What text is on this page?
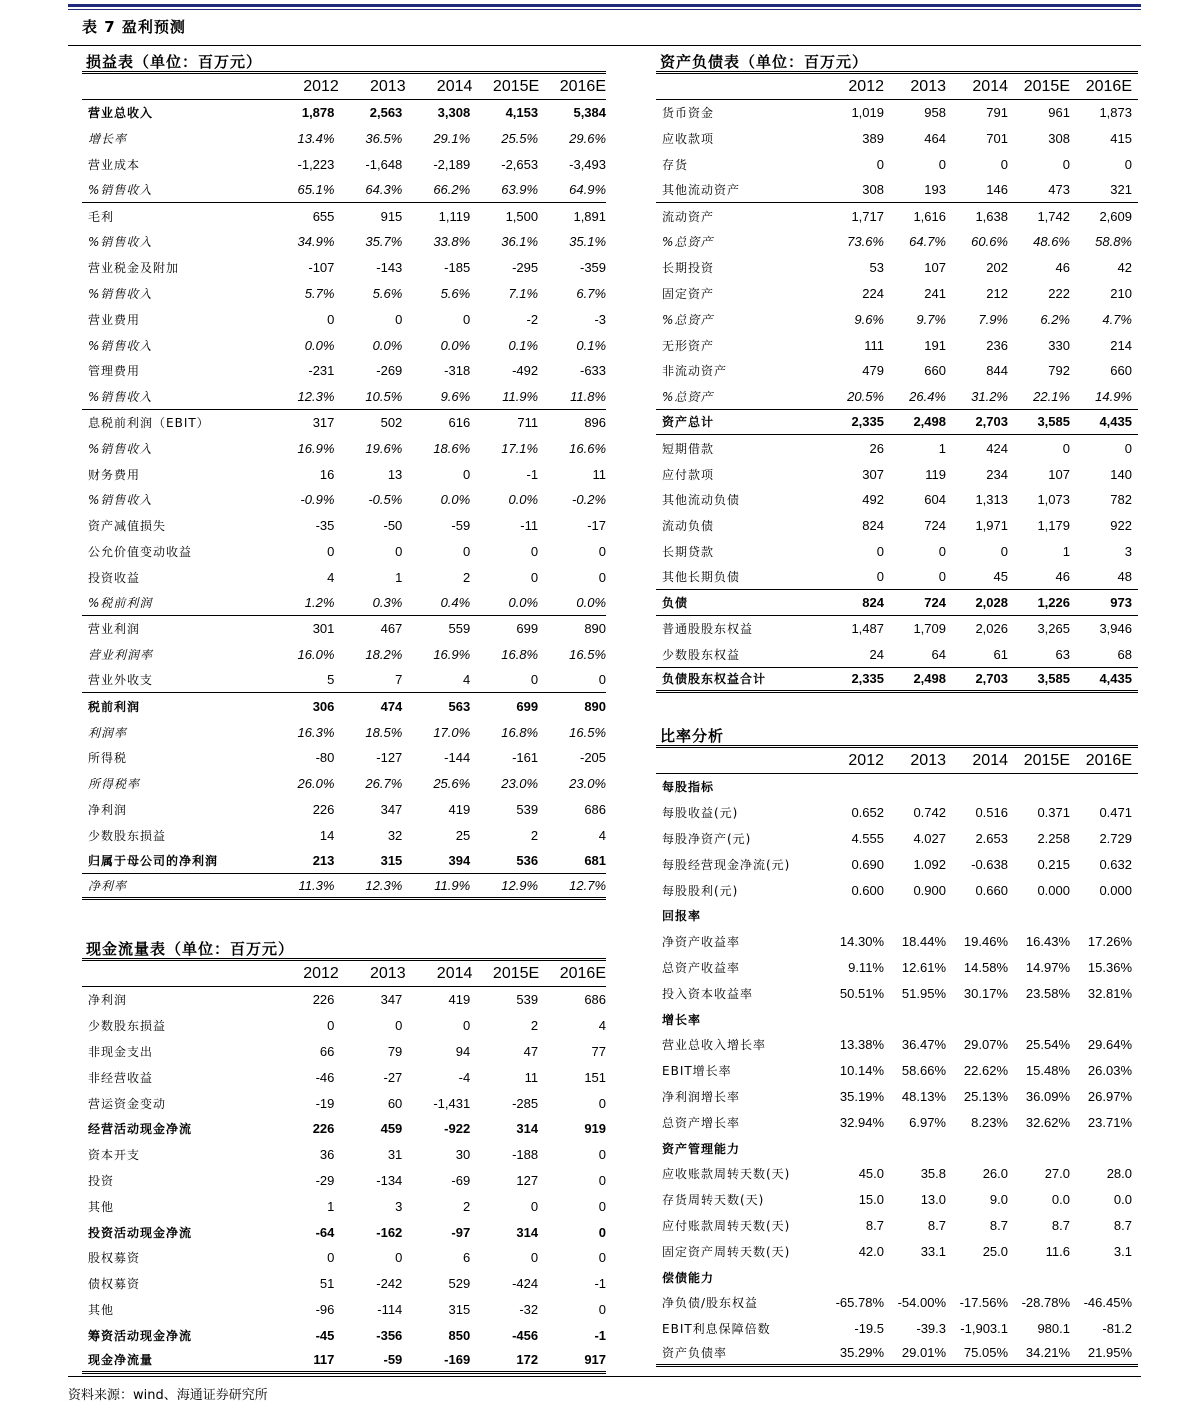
表 7 盈利预测
损益表（单位：百万元）
2012	2013	2014	2015E	2016E
营业总收入	1,878	2,563	3,308	4,153	5,384
增长率	13.4%	36.5%	29.1%	25.5%	29.6%
营业成本	-1,223	-1,648	-2,189	-2,653	-3,493
%销售收入	65.1%	64.3%	66.2%	63.9%	64.9%
毛利	655	915	1,119	1,500	1,891
%销售收入	34.9%	35.7%	33.8%	36.1%	35.1%
营业税金及附加	-107	-143	-185	-295	-359
%销售收入	5.7%	5.6%	5.6%	7.1%	6.7%
营业费用	0	0	0	-2	-3
%销售收入	0.0%	0.0%	0.0%	0.1%	0.1%
管理费用	-231	-269	-318	-492	-633
%销售收入	12.3%	10.5%	9.6%	11.9%	11.8%
息税前利润（EBIT）	317	502	616	711	896
%销售收入	16.9%	19.6%	18.6%	17.1%	16.6%
财务费用	16	13	0	-1	11
%销售收入	-0.9%	-0.5%	0.0%	0.0%	-0.2%
资产减值损失	-35	-50	-59	-11	-17
公允价值变动收益	0	0	0	0	0
投资收益	4	1	2	0	0
%税前利润	1.2%	0.3%	0.4%	0.0%	0.0%
营业利润	301	467	559	699	890
营业利润率	16.0%	18.2%	16.9%	16.8%	16.5%
营业外收支	5	7	4	0	0
税前利润	306	474	563	699	890
利润率	16.3%	18.5%	17.0%	16.8%	16.5%
所得税	-80	-127	-144	-161	-205
所得税率	26.0%	26.7%	25.6%	23.0%	23.0%
净利润	226	347	419	539	686
少数股东损益	14	32	25	2	4
归属于母公司的净利润	213	315	394	536	681
净利率	11.3%	12.3%	11.9%	12.9%	12.7%
现金流量表（单位：百万元）
2012	2013	2014	2015E	2016E
净利润	226	347	419	539	686
少数股东损益	0	0	0	2	4
非现金支出	66	79	94	47	77
非经营收益	-46	-27	-4	11	151
营运资金变动	-19	60	-1,431	-285	0
经营活动现金净流	226	459	-922	314	919
资本开支	36	31	30	-188	0
投资	-29	-134	-69	127	0
其他	1	3	2	0	0
投资活动现金净流	-64	-162	-97	314	0
股权募资	0	0	6	0	0
债权募资	51	-242	529	-424	-1
其他	-96	-114	315	-32	0
筹资活动现金净流	-45	-356	850	-456	-1
现金净流量	117	-59	-169	172	917
资产负债表（单位：百万元）
2012	2013	2014 2015E 2016E
货币资金	1,019	958	791	961	1,873
应收款项	389	464	701	308	415
存货	0	0	0	0	0
其他流动资产	308	193	146	473	321
流动资产	1,717	1,616	1,638	1,742	2,609
%总资产	73.6%	64.7%	60.6%	48.6%	58.8%
长期投资	53	107	202	46	42
固定资产	224	241	212	222	210
%总资产	9.6%	9.7%	7.9%	6.2%	4.7%
无形资产	111	191	236	330	214
非流动资产	479	660	844	792	660
%总资产	20.5%	26.4%	31.2%	22.1%	14.9%
资产总计	2,335	2,498	2,703	3,585	4,435
短期借款	26	1	424	0	0
应付款项	307	119	234	107	140
其他流动负债	492	604	1,313	1,073	782
流动负债	824	724	1,971	1,179	922
长期贷款	0	0	0	1	3
其他长期负债	0	0	45	46	48
负债	824	724	2,028	1,226	973
普通股股东权益	1,487	1,709	2,026	3,265	3,946
少数股东权益	24	64	61	63	68
负债股东权益合计	2,335	2,498	2,703	3,585	4,435
比率分析
2012	2013	2014 2015E 2016E
每股指标
每股收益(元)	0.652	0.742	0.516	0.371	0.471
每股净资产(元)	4.555	4.027	2.653	2.258	2.729
每股经营现金净流(元)	0.690	1.092	-0.638	0.215	0.632
每股股利(元)	0.600	0.900	0.660	0.000	0.000
回报率
净资产收益率	14.30%	18.44%	19.46%	16.43%	17.26%
总资产收益率	9.11%	12.61%	14.58%	14.97%	15.36%
投入资本收益率	50.51%	51.95%	30.17%	23.58%	32.81%
增长率
营业总收入增长率	13.38%	36.47%	29.07%	25.54%	29.64%
EBIT增长率	10.14%	58.66%	22.62%	15.48%	26.03%
净利润增长率	35.19%	48.13%	25.13%	36.09%	26.97%
总资产增长率	32.94%	6.97%	8.23%	32.62%	23.71%
资产管理能力
应收账款周转天数(天)	45.0	35.8	26.0	27.0	28.0
存货周转天数(天)	15.0	13.0	9.0	0.0	0.0
应付账款周转天数(天)	8.7	8.7	8.7	8.7	8.7
固定资产周转天数(天)	42.0	33.1	25.0	11.6	3.1
偿债能力
净负债/股东权益	-65.78%	-54.00%	-17.56%	-28.78%	-46.45%
EBIT利息保障倍数	-19.5	-39.3	-1,903.1	980.1	-81.2
资产负债率	35.29%	29.01%	75.05%	34.21%	21.95%
资料来源：wind、海通证券研究所
